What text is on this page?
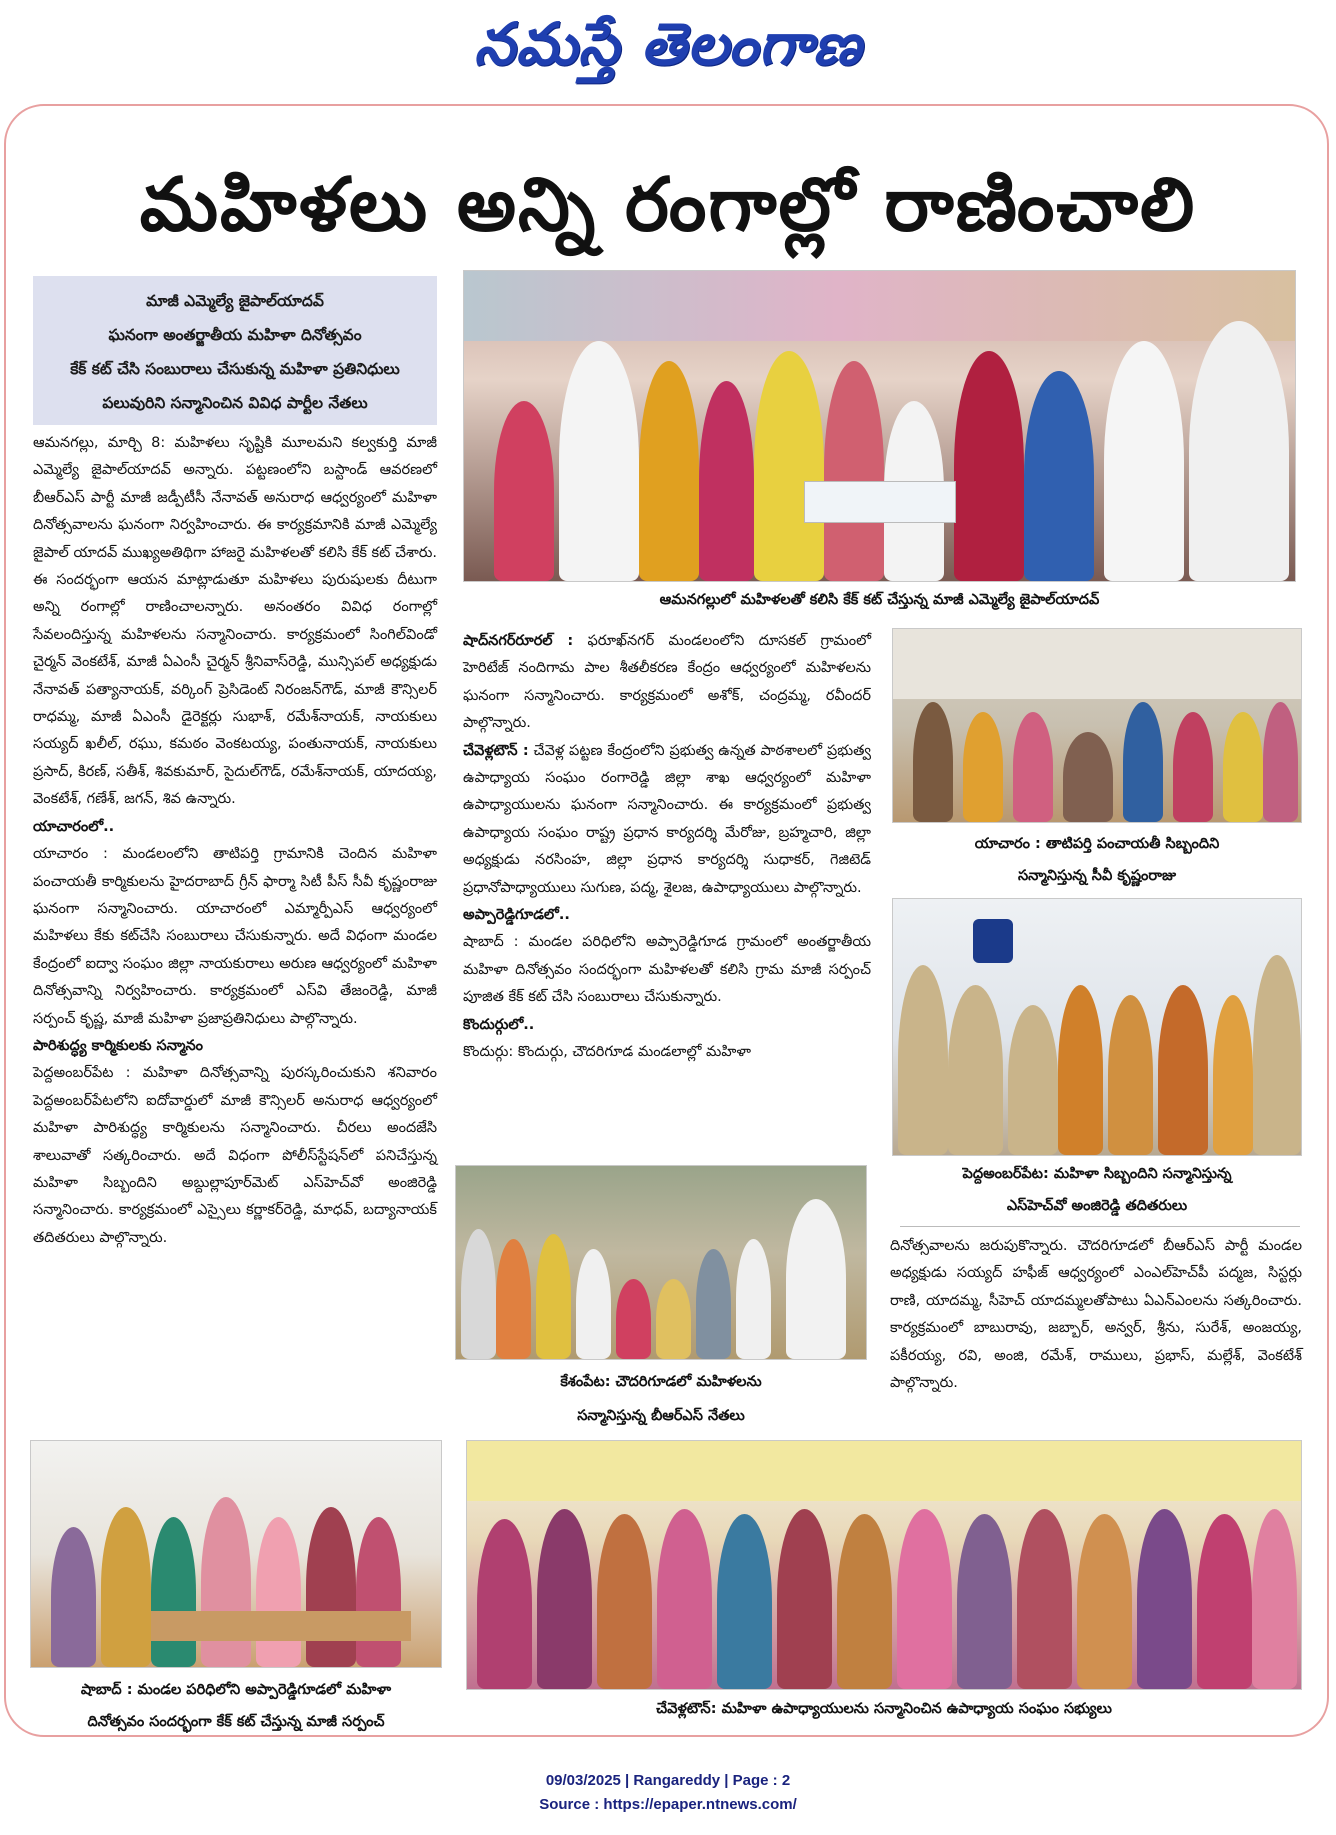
నమస్తే తెలంగాణ
మహిళలు అన్ని రంగాల్లో రాణించాలి
మాజీ ఎమ్మెల్యే జైపాల్‌యాదవ్
ఘనంగా అంతర్జాతీయ మహిళా దినోత్సవం
కేక్ కట్ చేసి సంబురాలు చేసుకున్న మహిళా ప్రతినిధులు
పలువురిని సన్మానించిన వివిధ పార్టీల నేతలు
ఆమనగల్లులో మహిళలతో కలిసి కేక్ కట్ చేస్తున్న మాజీ ఎమ్మెల్యే జైపాల్‌యాదవ్

ఆమనగల్లు, మార్చి 8: మహిళలు సృష్టికి మూలమని కల్వకుర్తి మాజీ ఎమ్మెల్యే జైపాల్‌యాదవ్ అన్నారు. పట్టణంలోని బస్టాండ్ ఆవరణలో బీఆర్‌ఎస్ పార్టీ మాజీ జడ్పీటీసీ నేనావత్ అనురాధ ఆధ్వర్యంలో మహిళా దినోత్సవాలను ఘనంగా నిర్వహించారు. ఈ కార్యక్రమానికి మాజీ ఎమ్మెల్యే జైపాల్ యాదవ్ ముఖ్యఅతిథిగా హాజరై మహిళలతో కలిసి కేక్ కట్ చేశారు. ఈ సందర్భంగా ఆయన మాట్లాడుతూ మహిళలు పురుషులకు దీటుగా అన్ని రంగాల్లో రాణించాలన్నారు. అనంతరం వివిధ రంగాల్లో సేవలందిస్తున్న మహిళలను సన్మానించారు. కార్యక్రమంలో సింగిల్‌విండో చైర్మన్ వెంకటేశ్, మాజీ ఏఎంసీ చైర్మన్ శ్రీనివాస్‌రెడ్డి, మున్సిపల్ అధ్యక్షుడు నేనావత్ పత్యానాయక్, వర్కింగ్ ప్రెసిడెంట్ నిరంజన్‌గౌడ్, మాజీ కౌన్సిలర్ రాధమ్మ, మాజీ ఏఎంసీ డైరెక్టర్లు సుభాశ్, రమేశ్‌నాయక్, నాయకులు సయ్యద్ ఖలీల్, రఘు, కమఠం వెంకటయ్య, పంతునాయక్, నాయకులు ప్రసాద్, కిరణ్, సతీశ్, శివకుమార్, సైదుల్‌గౌడ్, రమేశ్‌నాయక్, యాదయ్య, వెంకటేశ్, గణేశ్, జగన్, శివ ఉన్నారు.

యాచారంలో..

యాచారం : మండలంలోని తాటిపర్తి గ్రామానికి చెందిన మహిళా పంచాయతీ కార్మికులను హైదరాబాద్ గ్రీన్ ఫార్మా సిటీ పీస్ సీవీ కృష్ణంరాజు ఘనంగా సన్మానించారు. యాచారంలో ఎమ్మార్పీఎస్ ఆధ్వర్యంలో మహిళలు కేకు కట్‌చేసి సంబురాలు చేసుకున్నారు. అదే విధంగా మండల కేంద్రంలో ఐద్వా సంఘం జిల్లా నాయకురాలు అరుణ ఆధ్వర్యంలో మహిళా దినోత్సవాన్ని నిర్వహించారు. కార్యక్రమంలో ఎస్‌వి తేజంరెడ్డి, మాజీ సర్పంచ్ కృష్ణ, మాజీ మహిళా ప్రజాప్రతినిధులు పాల్గొన్నారు.

పారిశుద్ధ్య కార్మికులకు సన్మానం

పెద్దఅంబర్‌పేట : మహిళా దినోత్సవాన్ని పురస్కరించుకుని శనివారం పెద్దఅంబర్‌పేటలోని ఐదోవార్డులో మాజీ కౌన్సిలర్ అనురాధ ఆధ్వర్యంలో మహిళా పారిశుద్ధ్య కార్మికులను సన్మానించారు. చీరలు అందజేసి శాలువాతో సత్కరించారు. అదే విధంగా పోలీస్‌స్టేషన్‌లో పనిచేస్తున్న మహిళా సిబ్బందిని అబ్దుల్లాపూర్‌మెట్ ఎస్‌హెచ్‌వో అంజిరెడ్డి సన్మానించారు. కార్యక్రమంలో ఎస్సైలు కర్ణాకర్‌రెడ్డి, మాధవ్, బద్యానాయక్ తదితరులు పాల్గొన్నారు.

షాద్‌నగర్‌రూరల్ : ఫరూఖ్‌నగర్ మండలంలోని దూసకల్ గ్రామంలో హెరిటేజ్ నందిగామ పాల శీతలీకరణ కేంద్రం ఆధ్వర్యంలో మహిళలను ఘనంగా సన్మానించారు. కార్యక్రమంలో అశోక్, చంద్రమ్మ, రవీందర్ పాల్గొన్నారు.

చేవెళ్లటౌన్ : చేవెళ్ల పట్టణ కేంద్రంలోని ప్రభుత్వ ఉన్నత పాఠశాలలో ప్రభుత్వ ఉపాధ్యాయ సంఘం రంగారెడ్డి జిల్లా శాఖ ఆధ్వర్యంలో మహిళా ఉపాధ్యాయులను ఘనంగా సన్మానించారు. ఈ కార్యక్రమంలో ప్రభుత్వ ఉపాధ్యాయ సంఘం రాష్ట్ర ప్రధాన కార్యదర్శి మేరోజు, బ్రహ్మచారి, జిల్లా అధ్యక్షుడు నరసింహ, జిల్లా ప్రధాన కార్యదర్శి సుధాకర్, గెజిటెడ్ ప్రధానోపాధ్యాయులు సుగుణ, పద్మ, శైలజ, ఉపాధ్యాయులు పాల్గొన్నారు.

అప్పారెడ్డిగూడలో..

షాబాద్ : మండల పరిధిలోని అప్పారెడ్డిగూడ గ్రామంలో అంతర్జాతీయ మహిళా దినోత్సవం సందర్భంగా మహిళలతో కలిసి గ్రామ మాజీ సర్పంచ్ పూజిత కేక్ కట్ చేసి సంబురాలు చేసుకున్నారు.

కొందుర్గులో..

కొందుర్గు: కొందుర్గు, చౌదరిగూడ మండలాల్లో మహిళా

యాచారం : తాటిపర్తి పంచాయతీ సిబ్బందిని
సన్మానిస్తున్న సీవీ కృష్ణంరాజు
పెద్దఅంబర్‌పేట: మహిళా సిబ్బందిని సన్మానిస్తున్న
ఎస్‌హెచ్‌వో అంజిరెడ్డి తదితరులు
కేశంపేట: చౌదరిగూడలో మహిళలను
సన్మానిస్తున్న బీఆర్‌ఎస్ నేతలు

దినోత్సవాలను జరుపుకొన్నారు. చౌదరిగూడలో బీఆర్‌ఎస్ పార్టీ మండల అధ్యక్షుడు సయ్యద్ హఫీజ్ ఆధ్వర్యంలో ఎంఎల్‌హెచ్‌పీ పద్మజ, సిస్టర్లు రాణి, యాదమ్మ, సీహెచ్ యాదమ్మలతోపాటు ఏఎన్‌ఎంలను సత్కరించారు. కార్యక్రమంలో బాబురావు, జబ్బార్, అన్వర్, శ్రీను, సురేశ్, అంజయ్య, పకీరయ్య, రవి, అంజి, రమేశ్, రాములు, ప్రభాస్, మల్లేశ్, వెంకటేశ్ పాల్గొన్నారు.

షాబాద్ : మండల పరిధిలోని అప్పారెడ్డిగూడలో మహిళా
దినోత్సవం సందర్భంగా కేక్ కట్ చేస్తున్న మాజీ సర్పంచ్
చేవెళ్లటౌన్: మహిళా ఉపాధ్యాయులను సన్మానించిన ఉపాధ్యాయ సంఘం సభ్యులు
09/03/2025 | Rangareddy | Page : 2
Source : https://epaper.ntnews.com/
